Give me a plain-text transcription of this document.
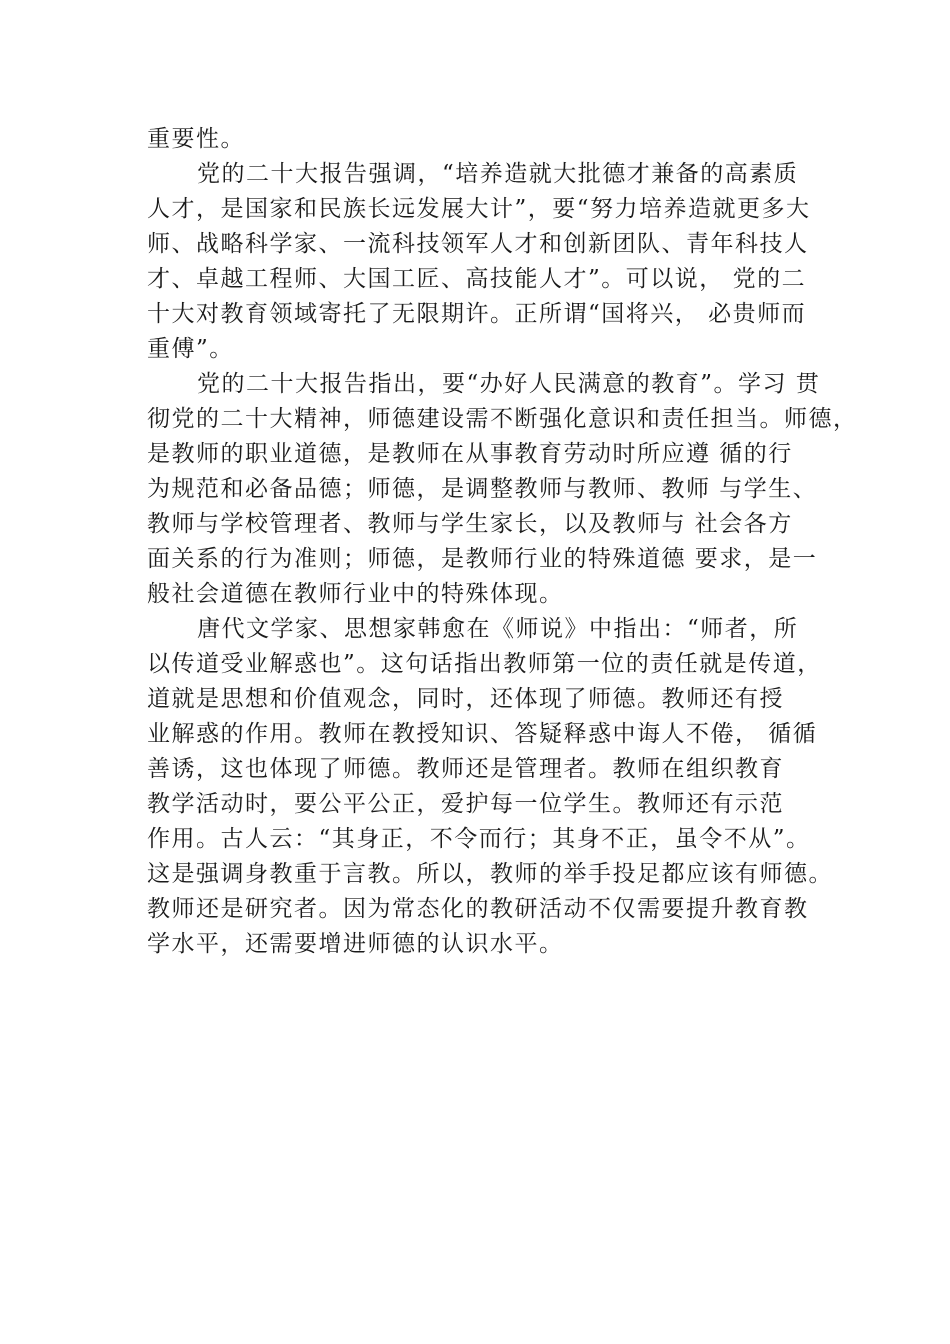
重要性。
党的二十大报告强调，“培养造就大批德才兼备的高素质
人才，是国家和民族长远发展大计”，要“努力培养造就更多大
师、战略科学家、一流科技领军人才和创新团队、青年科技人
才、卓越工程师、大国工匠、高技能人才”。可以说， 党的二
十大对教育领域寄托了无限期许。正所谓“国将兴， 必贵师而
重傅”。
党的二十大报告指出，要“办好人民满意的教育”。学习 贯
彻党的二十大精神，师德建设需不断强化意识和责任担当。师德，
是教师的职业道德，是教师在从事教育劳动时所应遵 循的行
为规范和必备品德；师德，是调整教师与教师、教师 与学生、
教师与学校管理者、教师与学生家长，以及教师与 社会各方
面关系的行为准则；师德，是教师行业的特殊道德 要求，是一
般社会道德在教师行业中的特殊体现。
唐代文学家、思想家韩愈在《师说》中指出：“师者，所
以传道受业解惑也”。这句话指出教师第一位的责任就是传道，
道就是思想和价值观念，同时，还体现了师德。教师还有授
业解惑的作用。教师在教授知识、答疑释惑中诲人不倦， 循循
善诱，这也体现了师德。教师还是管理者。教师在组织教育
教学活动时，要公平公正，爱护每一位学生。教师还有示范
作用。古人云：“其身正，不令而行；其身不正，虽令不从”。
这是强调身教重于言教。所以，教师的举手投足都应该有师德。
教师还是研究者。因为常态化的教研活动不仅需要提升教育教
学水平，还需要增进师德的认识水平。
